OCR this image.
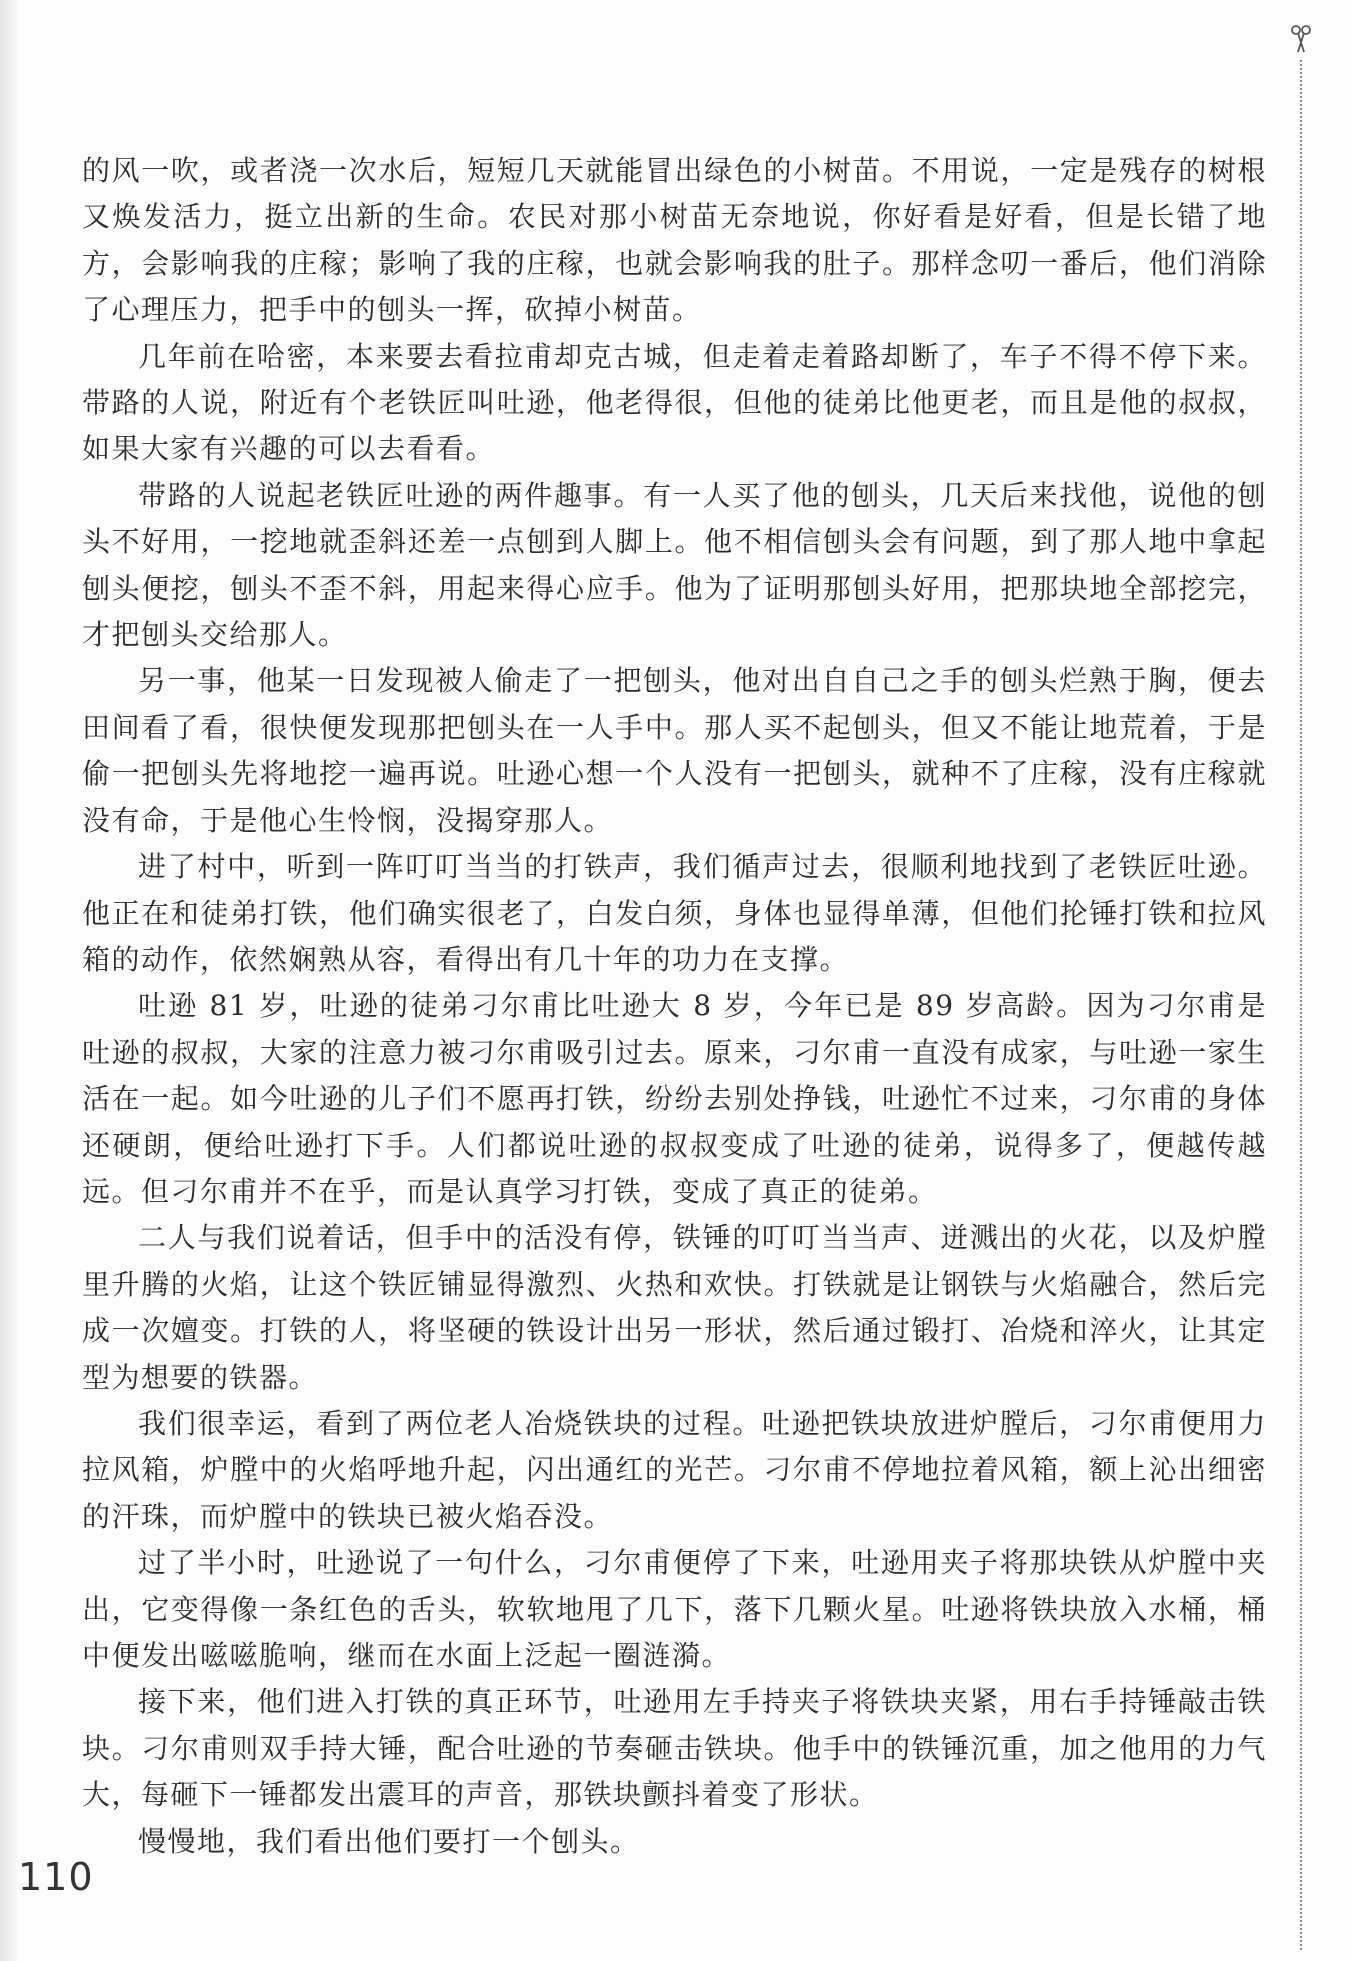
的风一吹，或者浇一次水后，短短几天就能冒出绿色的小树苗。不用说，一定是残存的树根又焕发活力，挺立出新的生命。农民对那小树苗无奈地说，你好看是好看，但是长错了地方，会影响我的庄稼；影响了我的庄稼，也就会影响我的肚子。那样念叨一番后，他们消除了心理压力，把手中的刨头一挥，砍掉小树苗。

几年前在哈密，本来要去看拉甫却克古城，但走着走着路却断了，车子不得不停下来。带路的人说，附近有个老铁匠叫吐逊，他老得很，但他的徒弟比他更老，而且是他的叔叔，如果大家有兴趣的可以去看看。

带路的人说起老铁匠吐逊的两件趣事。有一人买了他的刨头，几天后来找他，说他的刨头不好用，一挖地就歪斜还差一点刨到人脚上。他不相信刨头会有问题，到了那人地中拿起刨头便挖，刨头不歪不斜，用起来得心应手。他为了证明那刨头好用，把那块地全部挖完，才把刨头交给那人。

另一事，他某一日发现被人偷走了一把刨头，他对出自自己之手的刨头烂熟于胸，便去田间看了看，很快便发现那把刨头在一人手中。那人买不起刨头，但又不能让地荒着，于是偷一把刨头先将地挖一遍再说。吐逊心想一个人没有一把刨头，就种不了庄稼，没有庄稼就没有命，于是他心生怜悯，没揭穿那人。

进了村中，听到一阵叮叮当当的打铁声，我们循声过去，很顺利地找到了老铁匠吐逊。他正在和徒弟打铁，他们确实很老了，白发白须，身体也显得单薄，但他们抡锤打铁和拉风箱的动作，依然娴熟从容，看得出有几十年的功力在支撑。

吐逊 81 岁，吐逊的徒弟刁尔甫比吐逊大 8 岁，今年已是 89 岁高龄。因为刁尔甫是吐逊的叔叔，大家的注意力被刁尔甫吸引过去。原来，刁尔甫一直没有成家，与吐逊一家生活在一起。如今吐逊的儿子们不愿再打铁，纷纷去别处挣钱，吐逊忙不过来，刁尔甫的身体还硬朗，便给吐逊打下手。人们都说吐逊的叔叔变成了吐逊的徒弟，说得多了，便越传越远。但刁尔甫并不在乎，而是认真学习打铁，变成了真正的徒弟。

二人与我们说着话，但手中的活没有停，铁锤的叮叮当当声、迸溅出的火花，以及炉膛里升腾的火焰，让这个铁匠铺显得激烈、火热和欢快。打铁就是让钢铁与火焰融合，然后完成一次嬗变。打铁的人，将坚硬的铁设计出另一形状，然后通过锻打、冶烧和淬火，让其定型为想要的铁器。

我们很幸运，看到了两位老人冶烧铁块的过程。吐逊把铁块放进炉膛后，刁尔甫便用力拉风箱，炉膛中的火焰呼地升起，闪出通红的光芒。刁尔甫不停地拉着风箱，额上沁出细密的汗珠，而炉膛中的铁块已被火焰吞没。

过了半小时，吐逊说了一句什么，刁尔甫便停了下来，吐逊用夹子将那块铁从炉膛中夹出，它变得像一条红色的舌头，软软地甩了几下，落下几颗火星。吐逊将铁块放入水桶，桶中便发出嗞嗞脆响，继而在水面上泛起一圈涟漪。

接下来，他们进入打铁的真正环节，吐逊用左手持夹子将铁块夹紧，用右手持锤敲击铁块。刁尔甫则双手持大锤，配合吐逊的节奏砸击铁块。他手中的铁锤沉重，加之他用的力气大，每砸下一锤都发出震耳的声音，那铁块颤抖着变了形状。

慢慢地，我们看出他们要打一个刨头。

110
